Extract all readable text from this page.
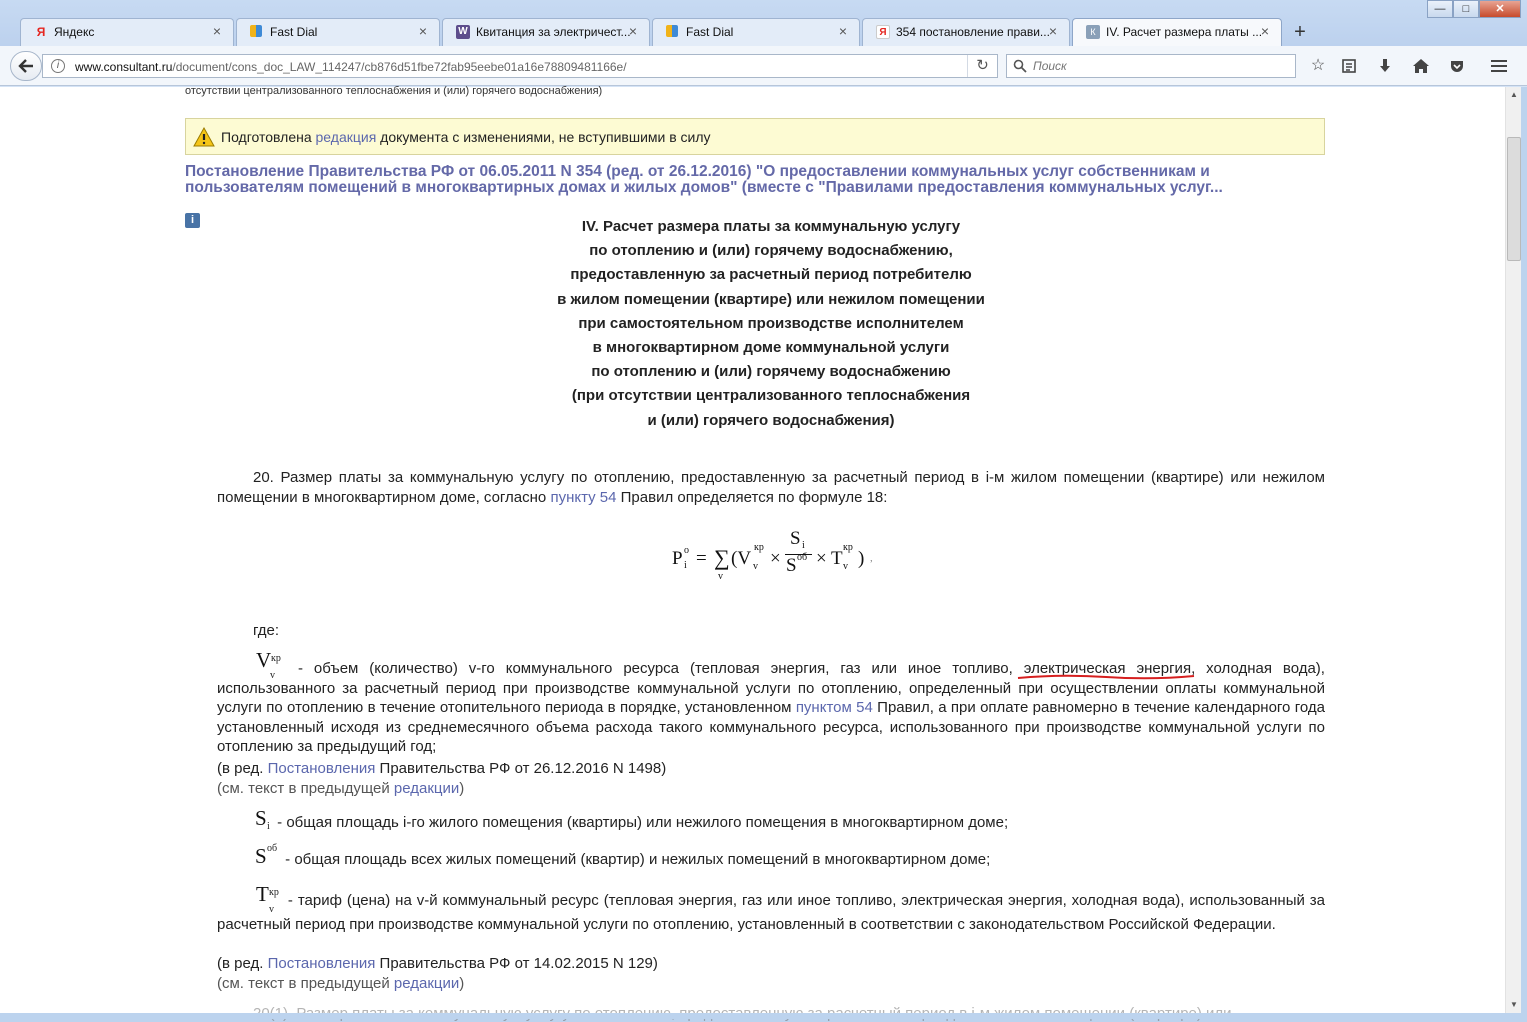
Я Яндекс	×	Fast Dial	×	W Квитанция за электричест...
×	Fast Dial	×	Я 354 постановление прави... ×	К IV. Расчет размера платы ...
× +
—	□	✕
i	www.consultant.ru/document/cons_doc_LAW_114247/cb876d51fbe72fab95eebe01a16e78809481166e/	↻
Поиск	☆
отсутствии централизованного теплоснабжения и (или) горячего водоснабжения)
Подготовлена редакция документа с изменениями, не вступившими в силу
Постановление Правительства РФ от 06.05.2011 N 354 (ред. от 26.12.2016) "О предоставлении коммунальных услуг собственникам и пользователям помещений в многоквартирных домах и жилых домов" (вместе с "Правилами предоставления коммунальных услуг...
i	IV. Расчет размера платы за коммунальную услугу
по отоплению и (или) горячему водоснабжению,
предоставленную за расчетный период потребителю
в жилом помещении (квартире) или нежилом помещении
при самостоятельном производстве исполнителем
в многоквартирном доме коммунальной услуги
по отоплению и (или) горячему водоснабжению
(при отсутствии централизованного теплоснабжения
и (или) горячего водоснабжения)
20. Размер платы за коммунальную услугу по отоплению, предоставленную за расчетный период в i-м жилом помещении (квартире) или нежилом помещении в многоквартирном доме, согласно пункту 54 Правил определяется по формуле 18:
P o
i = ∑
v
(V
кр
v ×
S i
S об × T
кр
v ) ,
где:
V кр
v - объем (количество) v-го коммунального ресурса (тепловая энергия, газ или иное топливо, электрическая энергия, холодная вода), использованного за расчетный период при производстве коммунальной услуги по отоплению, определенный при осуществлении оплаты коммунальной услуги по отоплению в течение отопительного периода в порядке, установленном пунктом 54 Правил, а при оплате равномерно в течение календарного года установленный исходя из среднемесячного объема расхода такого коммунального ресурса, использованного при производстве коммунальной услуги по отоплению за предыдущий год;
(в ред. Постановления Правительства РФ от 26.12.2016 N 1498)
(см. текст в предыдущей редакции)
S i - общая площадь i-го жилого помещения (квартиры) или нежилого помещения в многоквартирном доме;
S об
- общая площадь всех жилых помещений (квартир) и нежилых помещений в многоквартирном доме;
T кр
v
- тариф (цена) на v-й коммунальный ресурс (тепловая энергия, газ или иное топливо, электрическая энергия, холодная вода), использованный за расчетный период при производстве коммунальной услуги по отоплению, установленный в соответствии с законодательством Российской Федерации.
(в ред. Постановления Правительства РФ от 14.02.2015 N 129)
(см. текст в предыдущей редакции)
▲
▼
